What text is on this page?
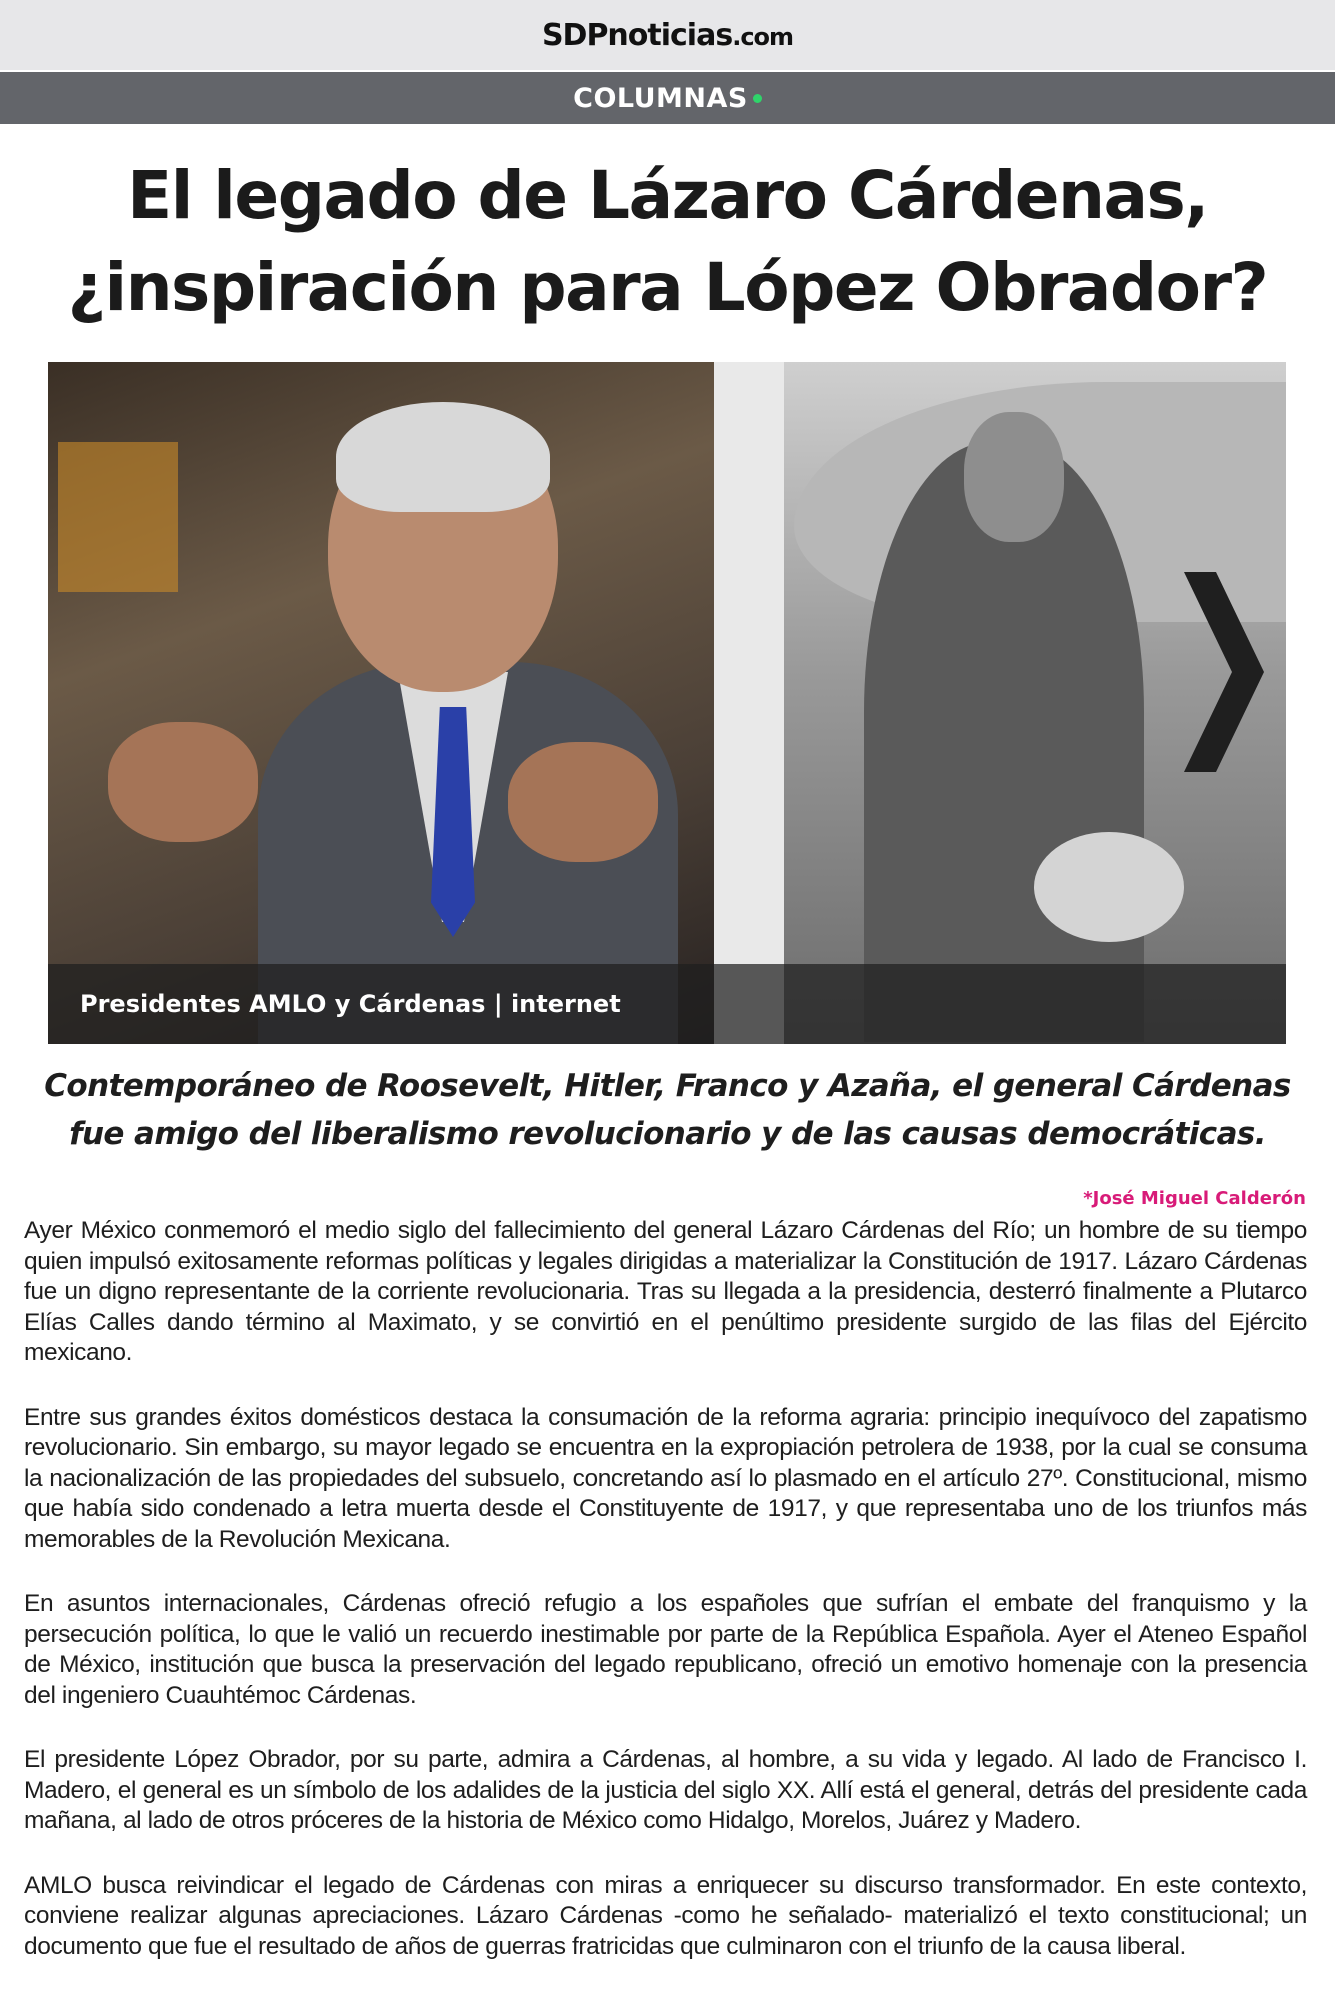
SDPnoticias.com
COLUMNAS
El legado de Lázaro Cárdenas, ¿inspiración para López Obrador?
Presidentes AMLO y Cárdenas | internet

Contemporáneo de Roosevelt, Hitler, Franco y Azaña, el general Cárdenas fue amigo del liberalismo revolucionario y de las causas democráticas.

*José Miguel Calderón

Ayer México conmemoró el medio siglo del fallecimiento del general Lázaro Cárdenas del Río; un hombre de su tiempo quien impulsó exitosamente reformas políticas y legales dirigidas a materializar la Constitución de 1917. Lázaro Cárdenas fue un digno representante de la corriente revolucionaria. Tras su llegada a la presidencia, desterró finalmente a Plutarco Elías Calles dando término al Maximato, y se convirtió en el penúltimo presidente surgido de las filas del Ejército mexicano.

Entre sus grandes éxitos domésticos destaca la consumación de la reforma agraria: principio inequívoco del zapatismo revolucionario. Sin embargo, su mayor legado se encuentra en la expropiación petrolera de 1938, por la cual se consuma la nacionalización de las propiedades del subsuelo, concretando así lo plasmado en el artículo 27º. Constitucional, mismo que había sido condenado a letra muerta desde el Constituyente de 1917, y que representaba uno de los triunfos más memorables de la Revolución Mexicana.

En asuntos internacionales, Cárdenas ofreció refugio a los españoles que sufrían el embate del franquismo y la persecución política, lo que le valió un recuerdo inestimable por parte de la República Española. Ayer el Ateneo Español de México, institución que busca la preservación del legado republicano, ofreció un emotivo homenaje con la presencia del ingeniero Cuauhtémoc Cárdenas.

El presidente López Obrador, por su parte, admira a Cárdenas, al hombre, a su vida y legado. Al lado de Francisco I. Madero, el general es un símbolo de los adalides de la justicia del siglo XX. Allí está el general, detrás del presidente cada mañana, al lado de otros próceres de la historia de México como Hidalgo, Morelos, Juárez y Madero.

AMLO busca reivindicar el legado de Cárdenas con miras a enriquecer su discurso transformador. En este contexto, conviene realizar algunas apreciaciones. Lázaro Cárdenas -como he señalado- materializó el texto constitucional; un documento que fue el resultado de años de guerras fratricidas que culminaron con el triunfo de la causa liberal.
